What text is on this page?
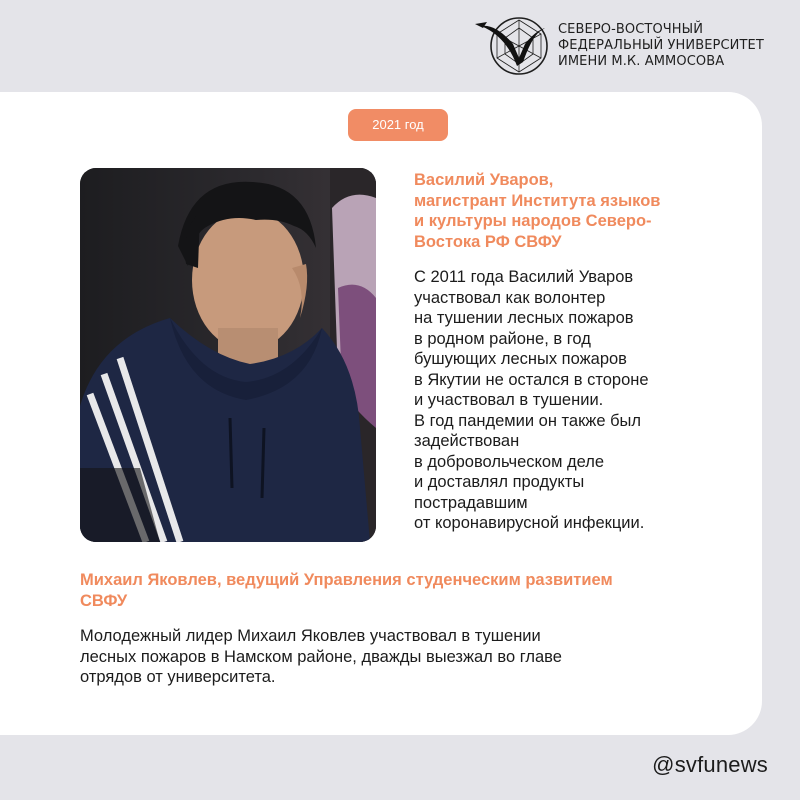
СЕВЕРО-ВОСТОЧНЫЙ
ФЕДЕРАЛЬНЫЙ УНИВЕРСИТЕТ
ИМЕНИ М.К. АММОСОВА
2021 год
Василий Уваров,
магистрант Института языков
и культуры народов Северо-
Востока РФ СВФУ
С 2011 года Василий Уваров
участвовал как волонтер
на тушении лесных пожаров
в родном районе, в год
бушующих лесных пожаров
в Якутии не остался в стороне
и участвовал в тушении.
В год пандемии он также был
задействован
в добровольческом деле
и доставлял продукты
пострадавшим
от коронавирусной инфекции.
Михаил Яковлев, ведущий Управления студенческим развитием
СВФУ
Молодежный лидер Михаил Яковлев участвовал в тушении
лесных пожаров в Намском районе, дважды выезжал во главе
отрядов от университета.
@svfunews
